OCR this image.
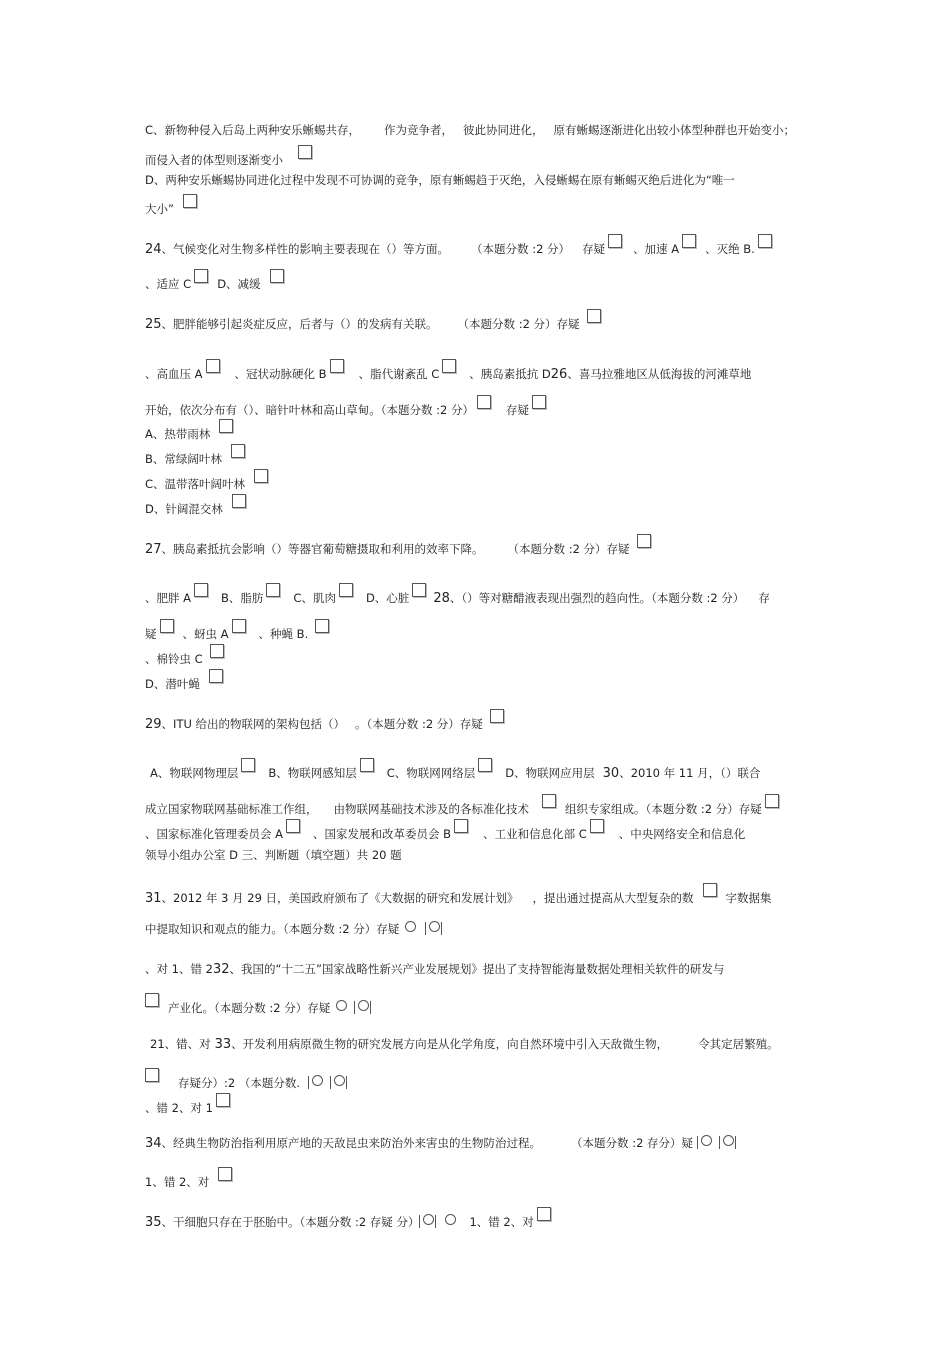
C、新物种侵入后岛上两种安乐蜥蜴共存， 作为竞争者， 彼此协同进化， 原有蜥蜴逐渐进化出较小体型种群也开始变小；
而侵入者的体型则逐渐变小
D、两种安乐蜥蜴协同进化过程中发现不可协调的竞争，原有蜥蜴趋于灭绝，入侵蜥蜴在原有蜥蜴灭绝后进化为“唯一
大小”
24、气候变化对生物多样性的影响主要表现在（）等方面。 （本题分数 :2 分） 存疑 、加速 A 、灭绝 B.
、适应 C D、减缓
25、肥胖能够引起炎症反应，后者与（）的发病有关联。 （本题分数 :2 分）存疑
、高血压 A	、冠状动脉硬化 B	、脂代谢紊乱 C	、胰岛素抵抗 D26、喜马拉雅地区从低海拔的河滩草地
开始，依次分布有（）、暗针叶林和高山草甸。（本题分数 :2 分）	存疑
A、热带雨林
B、常绿阔叶林
C、温带落叶阔叶林
D、针阔混交林
27、胰岛素抵抗会影响（）等器官葡萄糖摄取和利用的效率下降。 （本题分数 :2 分）存疑
、肥胖 A	B、脂肪	C、肌肉	D、心脏 28、（）等对糖醋液表现出强烈的趋向性。（本题分数 :2 分） 存
疑 、蚜虫 A	、种蝇 B.
、棉铃虫 C
D、潜叶蝇
29、ITU 给出的物联网的架构包括（） 。（本题分数 :2 分）存疑
A、物联网物理层	B、物联网感知层	C、物联网网络层	D、物联网应用层 30、2010 年 11 月，（）联合
成立国家物联网基础标准工作组， 由物联网基础技术涉及的各标准化技术	组织专家组成。（本题分数 :2 分）存疑
、国家标准化管理委员会 A	、国家发展和改革委员会 B	、工业和信息化部 C	、中央网络安全和信息化
领导小组办公室 D 三、判断题（填空题）共 20 题
31、2012 年 3 月 29 日，美国政府颁布了《大数据的研究和发展计划》 ，提出通过提高从大型复杂的数	字数据集
中提取知识和观点的能力。（本题分数 :2 分）存疑
、对 1、错 232、我国的“十二五”国家战略性新兴产业发展规划》提出了支持智能海量数据处理相关软件的研发与
产业化。（本题分数 :2 分）存疑
21、错、对 33、开发利用病原微生物的研究发展方向是从化学角度，向自然环境中引入天敌微生物，	令其定居繁殖。
存疑分）:2 （本题分数.
、错 2、对 1
34、经典生物防治指利用原产地的天敌昆虫来防治外来害虫的生物防治过程。	（本题分数 :2 存分）疑
1、错 2、对
35、干细胞只存在于胚胎中。（本题分数 :2 存疑 分）	1、错 2、对
